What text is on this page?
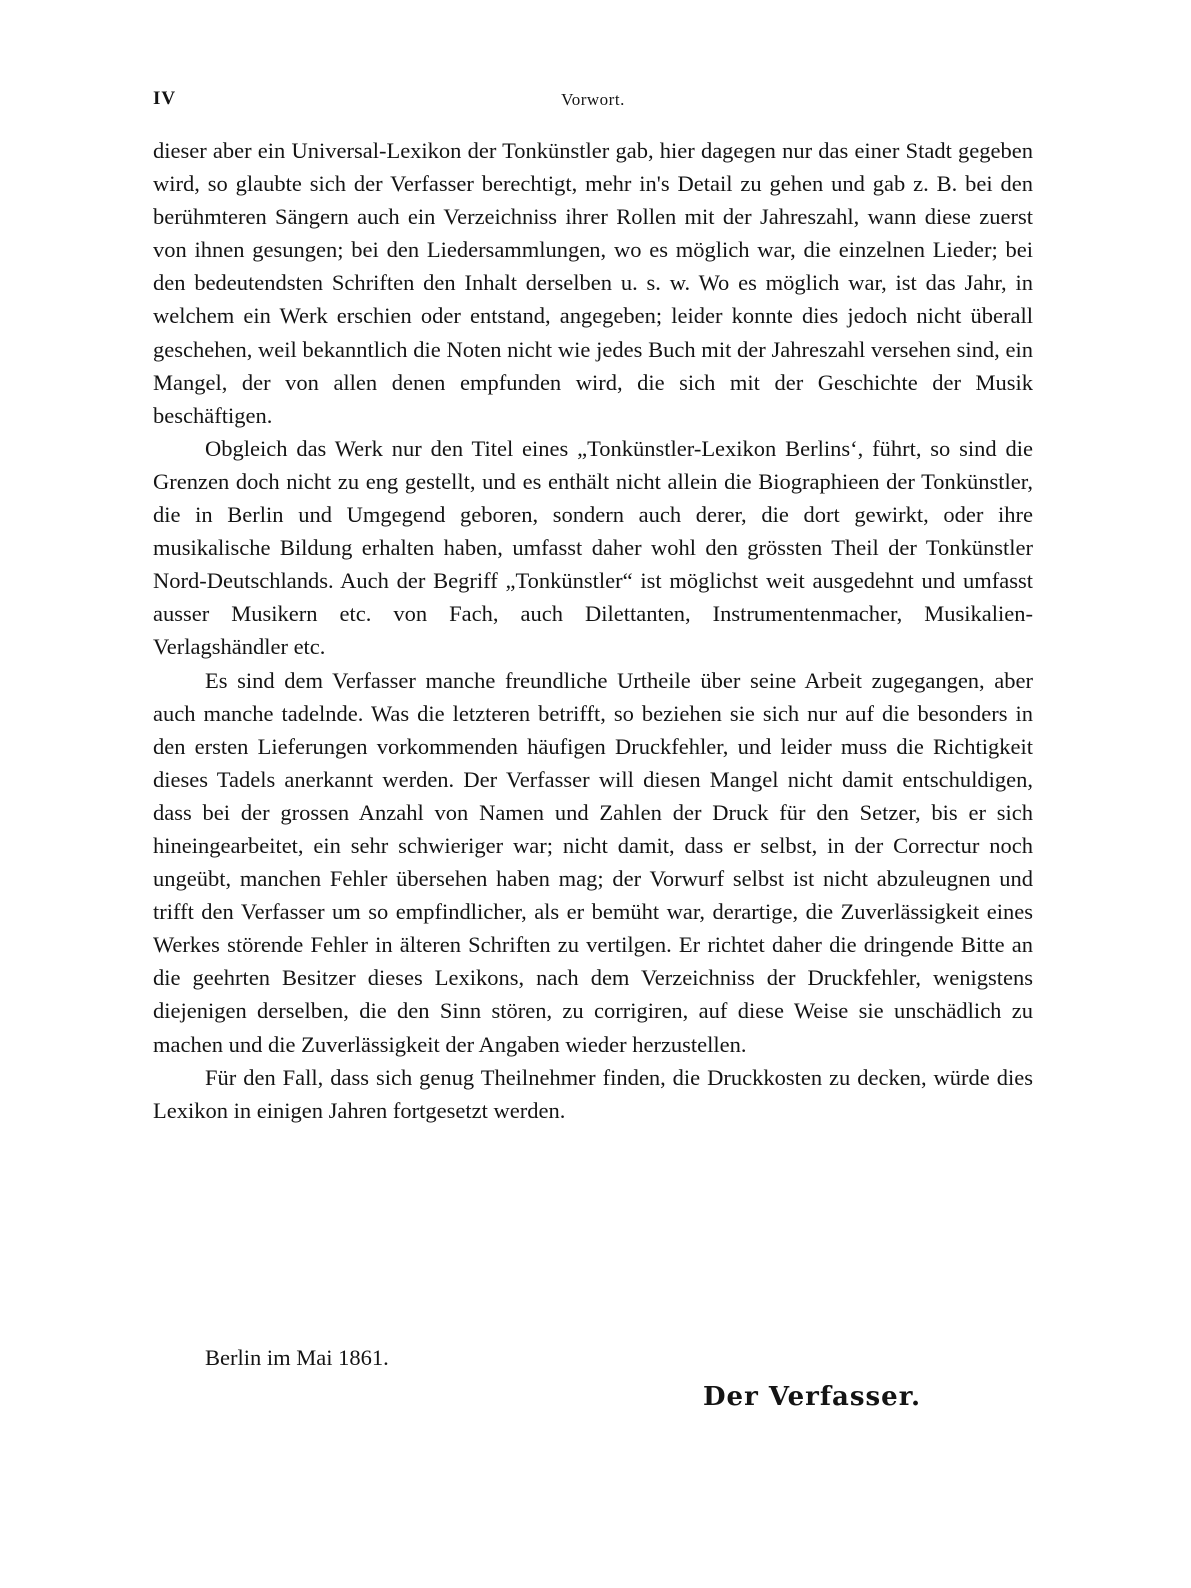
IV	Vorwort.

dieser aber ein Universal-Lexikon der Tonkünstler gab, hier dagegen nur das einer Stadt gegeben wird, so glaubte sich der Verfasser berechtigt, mehr in's Detail zu gehen und gab z. B. bei den berühmteren Sängern auch ein Verzeichniss ihrer Rollen mit der Jahreszahl, wann diese zuerst von ihnen gesungen; bei den Liedersammlungen, wo es möglich war, die einzelnen Lieder; bei den bedeutendsten Schriften den Inhalt derselben u. s. w. Wo es möglich war, ist das Jahr, in welchem ein Werk erschien oder entstand, angegeben; leider konnte dies jedoch nicht überall geschehen, weil bekanntlich die Noten nicht wie jedes Buch mit der Jahreszahl versehen sind, ein Mangel, der von allen denen empfunden wird, die sich mit der Geschichte der Musik beschäftigen.

Obgleich das Werk nur den Titel eines „Tonkünstler-Lexikon Berlins‘, führt, so sind die Grenzen doch nicht zu eng gestellt, und es enthält nicht allein die Biographieen der Tonkünstler, die in Berlin und Umgegend geboren, sondern auch derer, die dort gewirkt, oder ihre musikalische Bildung erhalten haben, umfasst daher wohl den grössten Theil der Tonkünstler Nord-Deutschlands. Auch der Begriff „Tonkünstler“ ist möglichst weit ausgedehnt und umfasst ausser Musikern etc. von Fach, auch Dilettanten, Instrumentenmacher, Musikalien-Verlagshändler etc.

Es sind dem Verfasser manche freundliche Urtheile über seine Arbeit zugegangen, aber auch manche tadelnde. Was die letzteren betrifft, so beziehen sie sich nur auf die besonders in den ersten Lieferungen vorkommenden häufigen Druckfehler, und leider muss die Richtigkeit dieses Tadels anerkannt werden. Der Verfasser will diesen Mangel nicht damit entschuldigen, dass bei der grossen Anzahl von Namen und Zahlen der Druck für den Setzer, bis er sich hineingearbeitet, ein sehr schwieriger war; nicht damit, dass er selbst, in der Correctur noch ungeübt, manchen Fehler übersehen haben mag; der Vorwurf selbst ist nicht abzuleugnen und trifft den Verfasser um so empfindlicher, als er bemüht war, derartige, die Zuverlässigkeit eines Werkes störende Fehler in älteren Schriften zu vertilgen. Er richtet daher die dringende Bitte an die geehrten Besitzer dieses Lexikons, nach dem Verzeichniss der Druckfehler, wenigstens diejenigen derselben, die den Sinn stören, zu corrigiren, auf diese Weise sie unschädlich zu machen und die Zuverlässigkeit der Angaben wieder herzustellen.

Für den Fall, dass sich genug Theilnehmer finden, die Druckkosten zu decken, würde dies Lexikon in einigen Jahren fortgesetzt werden.

Berlin im Mai 1861.
Der Verfasser.
